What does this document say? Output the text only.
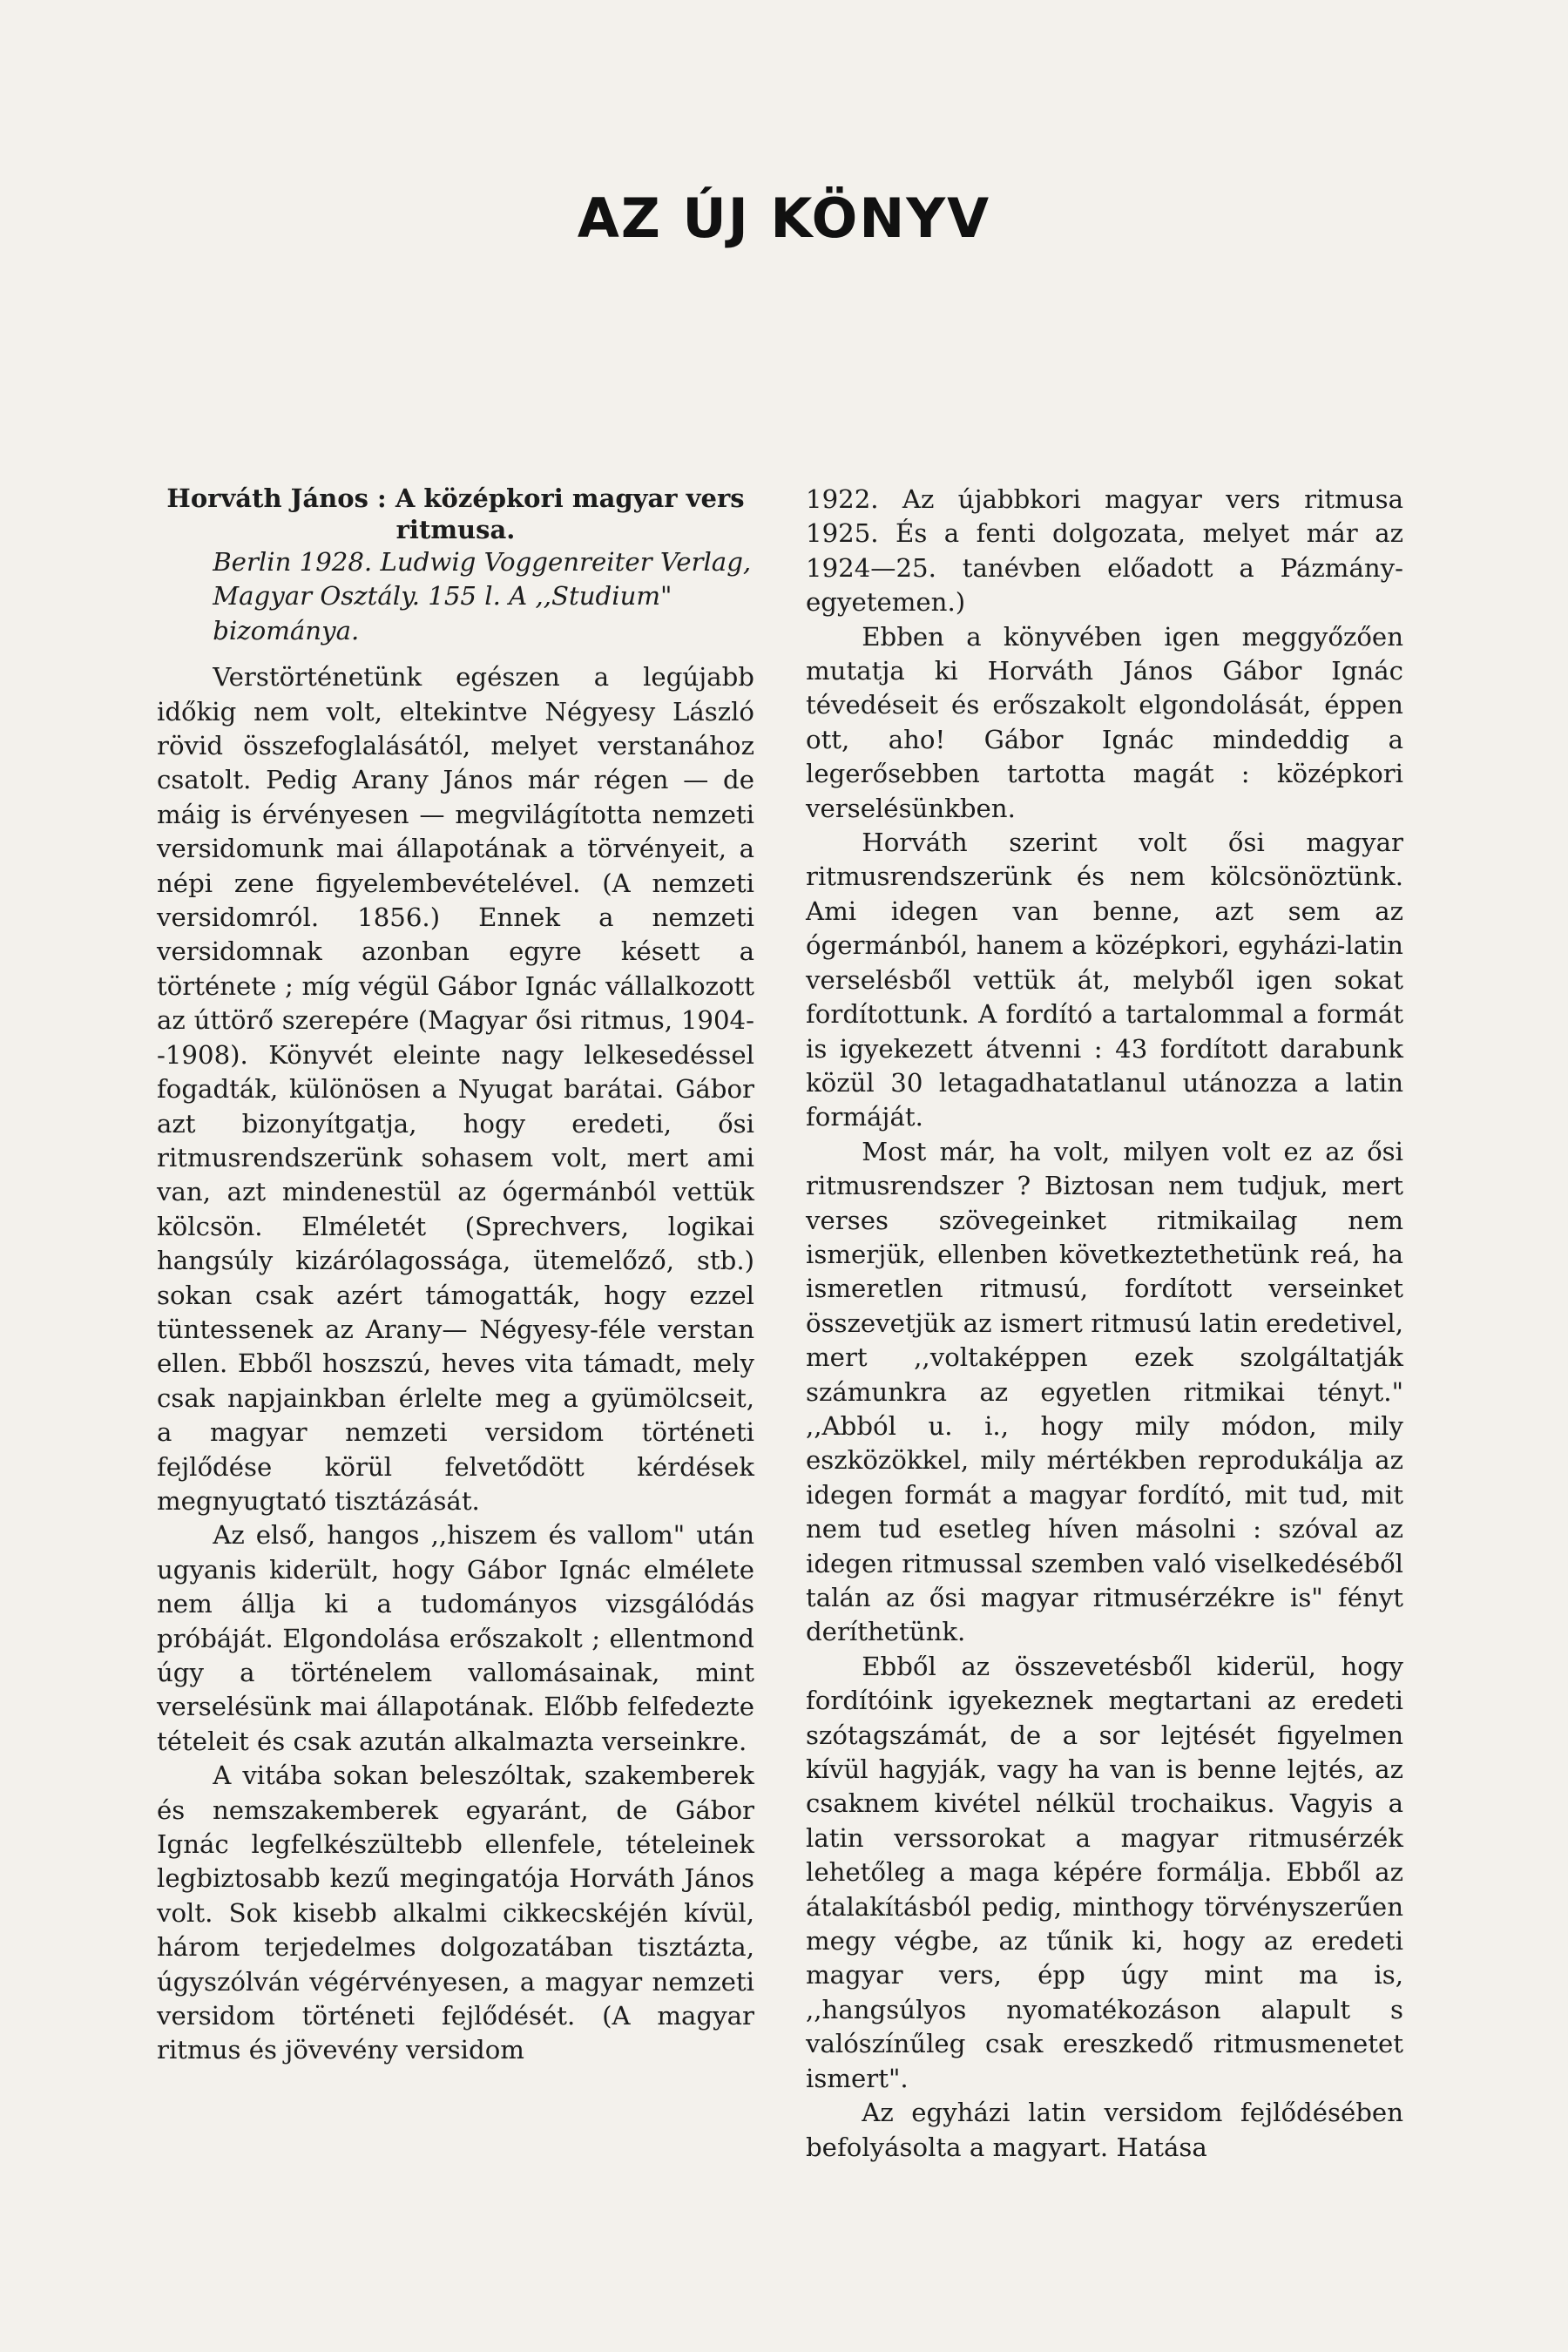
AZ ÚJ KÖNYV

Horváth János : A középkori magyar vers ritmusa.

Berlin 1928. Ludwig Voggenreiter Verlag, Magyar Osztály. 155 l. A ,,Studium" bizománya.

Verstörténetünk egészen a legújabb időkig nem volt, eltekintve Négyesy László rövid összefoglalásától, melyet verstanához csatolt. Pedig Arany János már régen — de máig is érvényesen — megvilágította nemzeti versidomunk mai állapotának a törvényeit, a népi zene figyelembevételével. (A nemzeti versidomról. 1856.) Ennek a nemzeti versidomnak azonban egyre késett a története ; míg végül Gábor Ignác vállalkozott az úttörő szerepére (Magyar ősi ritmus, 1904--1908). Könyvét eleinte nagy lelkesedéssel fogadták, különösen a Nyugat barátai. Gábor azt bizonyítgatja, hogy eredeti, ősi ritmusrendszerünk sohasem volt, mert ami van, azt mindenestül az ógermánból vettük kölcsön. Elméletét (Sprechvers, logikai hangsúly kizárólagossága, ütemelőző, stb.) sokan csak azért támogatták, hogy ezzel tüntessenek az Arany— Négyesy-féle verstan ellen. Ebből hoszszú, heves vita támadt, mely csak napjainkban érlelte meg a gyümölcseit, a magyar nemzeti versidom történeti fejlődése körül felvetődött kérdések megnyugtató tisztázását.

Az első, hangos ,,hiszem és vallom" után ugyanis kiderült, hogy Gábor Ignác elmélete nem állja ki a tudományos vizsgálódás próbáját. Elgondolása erőszakolt ; ellentmond úgy a történelem vallomásainak, mint verselésünk mai állapotának. Előbb felfedezte tételeit és csak azután alkalmazta verseinkre.

A vitába sokan beleszóltak, szakemberek és nemszakemberek egyaránt, de Gábor Ignác legfelkészültebb ellenfele, tételeinek legbiztosabb kezű megingatója Horváth János volt. Sok kisebb alkalmi cikkecskéjén kívül, három terjedelmes dolgozatában tisztázta, úgyszólván végérvényesen, a magyar nemzeti versidom történeti fejlődését. (A magyar ritmus és jövevény versidom

1922. Az újabbkori magyar vers ritmusa 1925. És a fenti dolgozata, melyet már az 1924—25. tanévben előadott a Pázmány-egyetemen.)

Ebben a könyvében igen meggyőzően mutatja ki Horváth János Gábor Ignác tévedéseit és erőszakolt elgondolását, éppen ott, aho! Gábor Ignác mindeddig a legerősebben tartotta magát : középkori verselésünkben.

Horváth szerint volt ősi magyar ritmusrendszerünk és nem kölcsönöztünk. Ami idegen van benne, azt sem az ógermánból, hanem a középkori, egyházi-latin verselésből vettük át, melyből igen sokat fordítottunk. A fordító a tartalommal a formát is igyekezett átvenni : 43 fordított darabunk közül 30 letagadhatatlanul utánozza a latin formáját.

Most már, ha volt, milyen volt ez az ősi ritmusrendszer ? Biztosan nem tudjuk, mert verses szövegeinket ritmikailag nem ismerjük, ellenben következtethetünk reá, ha ismeretlen ritmusú, fordított verseinket összevetjük az ismert ritmusú latin eredetivel, mert ,,voltaképpen ezek szolgáltatják számunkra az egyetlen ritmikai tényt." ,,Abból u. i., hogy mily módon, mily eszközökkel, mily mértékben reprodukálja az idegen formát a magyar fordító, mit tud, mit nem tud esetleg híven másolni : szóval az idegen ritmussal szemben való viselkedéséből talán az ősi magyar ritmusérzékre is" fényt deríthetünk.

Ebből az összevetésből kiderül, hogy fordítóink igyekeznek megtartani az eredeti szótagszámát, de a sor lejtését figyelmen kívül hagyják, vagy ha van is benne lejtés, az csaknem kivétel nélkül trochaikus. Vagyis a latin verssorokat a magyar ritmusérzék lehetőleg a maga képére formálja. Ebből az átalakításból pedig, minthogy törvényszerűen megy végbe, az tűnik ki, hogy az eredeti magyar vers, épp úgy mint ma is, ,,hangsúlyos nyomatékozáson alapult s valószínűleg csak ereszkedő ritmusmenetet ismert".

Az egyházi latin versidom fejlődésében befolyásolta a magyart. Hatása
